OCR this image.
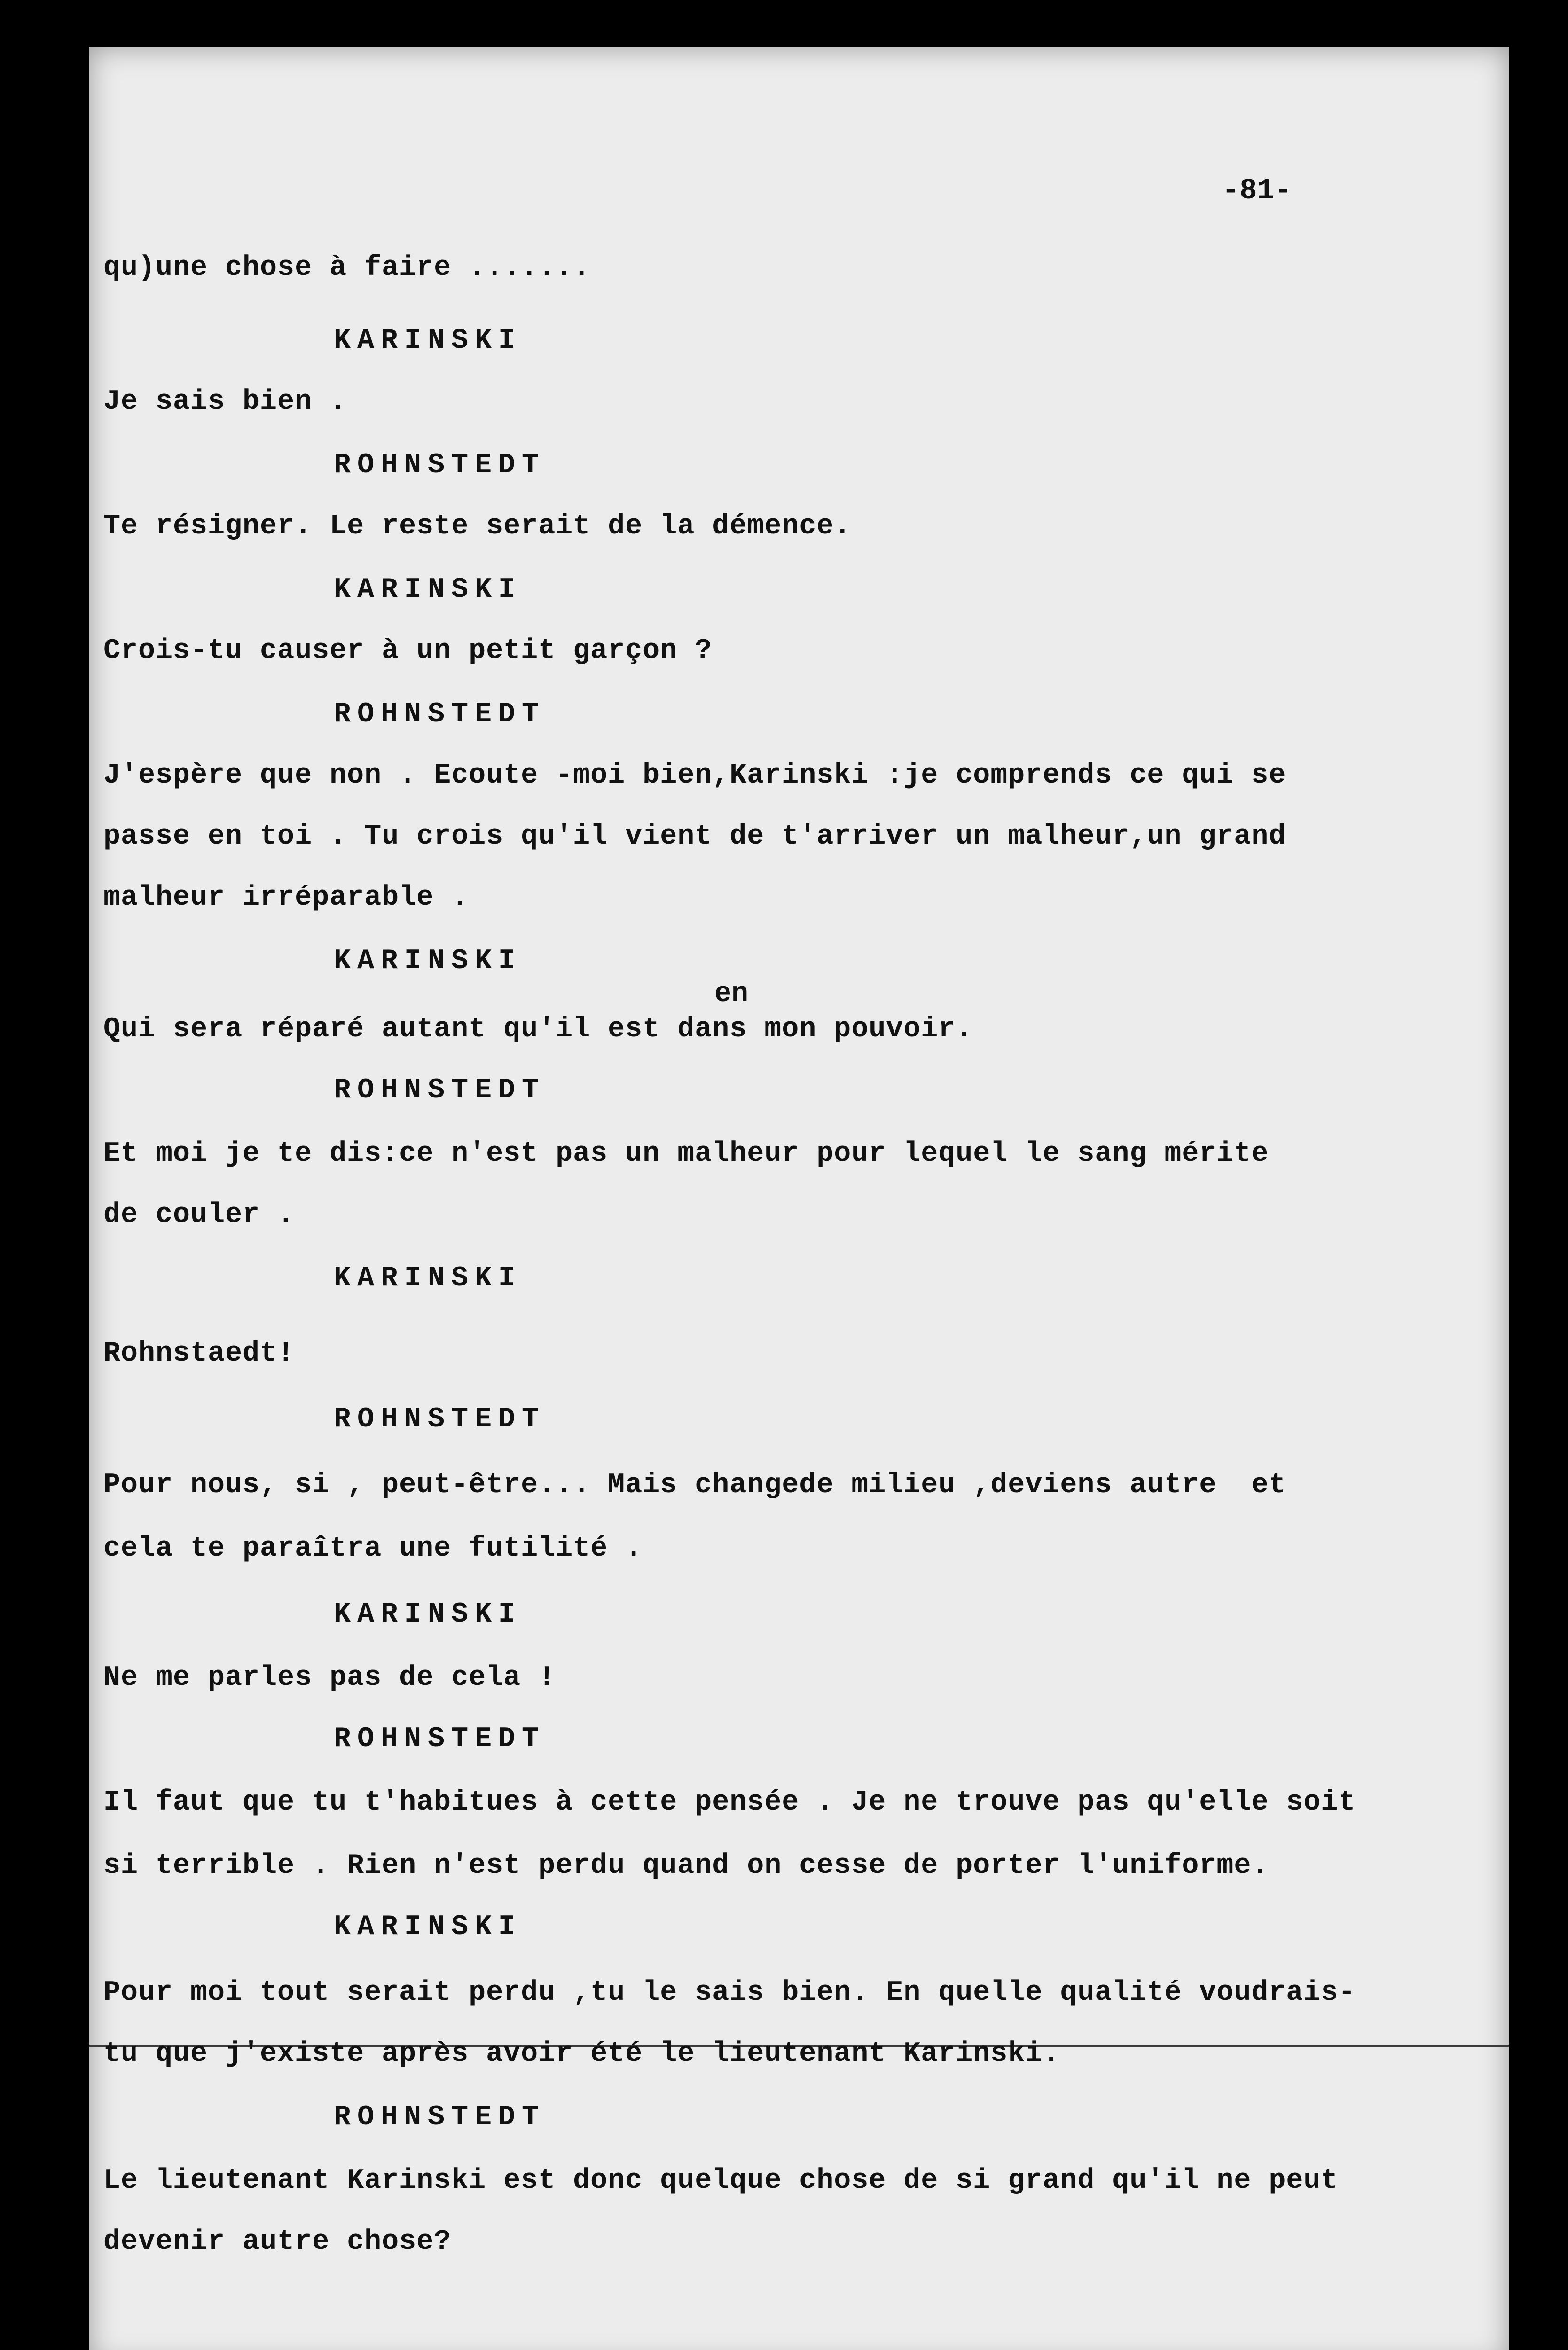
-81-
qu)une chose à faire .......
KARINSKI
Je sais bien .
ROHNSTEDT
Te résigner. Le reste serait de la démence.
KARINSKI
Crois-tu causer à un petit garçon ?
ROHNSTEDT
J'espère que non . Ecoute -moi bien,Karinski :je comprends ce qui se
passe en toi . Tu crois qu'il vient de t'arriver un malheur,un grand
malheur irréparable .
KARINSKI
en
Qui sera réparé autant qu'il est dans mon pouvoir.
ROHNSTEDT
Et moi je te dis:ce n'est pas un malheur pour lequel le sang mérite
de couler .
KARINSKI
Rohnstaedt!
ROHNSTEDT
Pour nous, si , peut-être... Mais changede milieu ,deviens autre  et
cela te paraîtra une futilité .
KARINSKI
Ne me parles pas de cela !
ROHNSTEDT
Il faut que tu t'habitues à cette pensée . Je ne trouve pas qu'elle soit
si terrible . Rien n'est perdu quand on cesse de porter l'uniforme.
KARINSKI
Pour moi tout serait perdu ,tu le sais bien. En quelle qualité voudrais-
tu que j'existe après avoir été le lieutenant Karinski.
ROHNSTEDT
Le lieutenant Karinski est donc quelque chose de si grand qu'il ne peut
devenir autre chose?
